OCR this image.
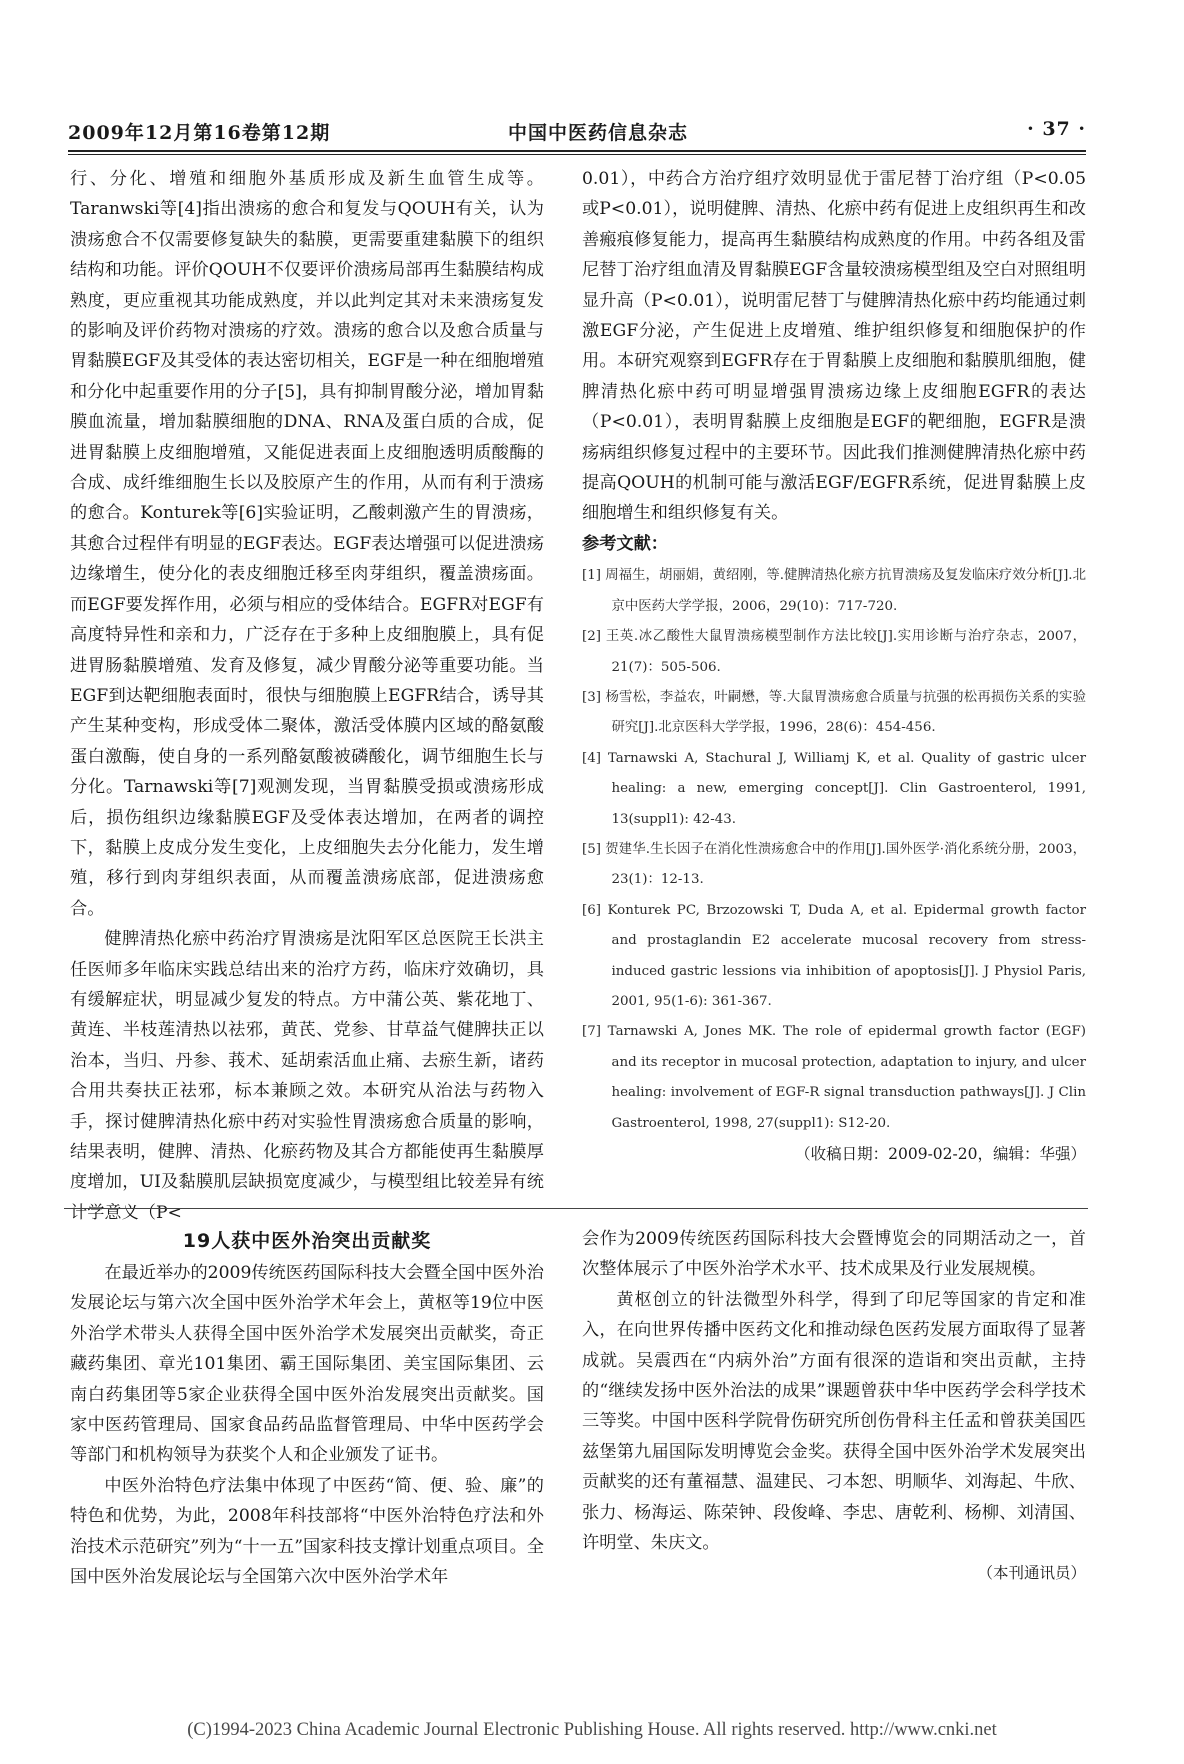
2009年12月第16卷第12期	中国中医药信息杂志	· 37 ·

行、分化、增殖和细胞外基质形成及新生血管生成等。Taranwski等[4]指出溃疡的愈合和复发与QOUH有关，认为溃疡愈合不仅需要修复缺失的黏膜，更需要重建黏膜下的组织结构和功能。评价QOUH不仅要评价溃疡局部再生黏膜结构成熟度，更应重视其功能成熟度，并以此判定其对未来溃疡复发的影响及评价药物对溃疡的疗效。溃疡的愈合以及愈合质量与胃黏膜EGF及其受体的表达密切相关，EGF是一种在细胞增殖和分化中起重要作用的分子[5]，具有抑制胃酸分泌，增加胃黏膜血流量，增加黏膜细胞的DNA、RNA及蛋白质的合成，促进胃黏膜上皮细胞增殖，又能促进表面上皮细胞透明质酸酶的合成、成纤维细胞生长以及胶原产生的作用，从而有利于溃疡的愈合。Konturek等[6]实验证明，乙酸刺激产生的胃溃疡，其愈合过程伴有明显的EGF表达。EGF表达增强可以促进溃疡边缘增生，使分化的表皮细胞迁移至肉芽组织，覆盖溃疡面。而EGF要发挥作用，必须与相应的受体结合。EGFR对EGF有高度特异性和亲和力，广泛存在于多种上皮细胞膜上，具有促进胃肠黏膜增殖、发育及修复，减少胃酸分泌等重要功能。当EGF到达靶细胞表面时，很快与细胞膜上EGFR结合，诱导其产生某种变构，形成受体二聚体，激活受体膜内区域的酪氨酸蛋白激酶，使自身的一系列酪氨酸被磷酸化，调节细胞生长与分化。Tarnawski等[7]观测发现，当胃黏膜受损或溃疡形成后，损伤组织边缘黏膜EGF及受体表达增加，在两者的调控下，黏膜上皮成分发生变化，上皮细胞失去分化能力，发生增殖，移行到肉芽组织表面，从而覆盖溃疡底部，促进溃疡愈合。

健脾清热化瘀中药治疗胃溃疡是沈阳军区总医院王长洪主任医师多年临床实践总结出来的治疗方药，临床疗效确切，具有缓解症状，明显减少复发的特点。方中蒲公英、紫花地丁、黄连、半枝莲清热以祛邪，黄芪、党参、甘草益气健脾扶正以治本，当归、丹参、莪术、延胡索活血止痛、去瘀生新，诸药合用共奏扶正祛邪，标本兼顾之效。本研究从治法与药物入手，探讨健脾清热化瘀中药对实验性胃溃疡愈合质量的影响，结果表明，健脾、清热、化瘀药物及其合方都能使再生黏膜厚度增加，UI及黏膜肌层缺损宽度减少，与模型组比较差异有统计学意义（P<

0.01），中药合方治疗组疗效明显优于雷尼替丁治疗组（P<0.05或P<0.01），说明健脾、清热、化瘀中药有促进上皮组织再生和改善瘢痕修复能力，提高再生黏膜结构成熟度的作用。中药各组及雷尼替丁治疗组血清及胃黏膜EGF含量较溃疡模型组及空白对照组明显升高（P<0.01），说明雷尼替丁与健脾清热化瘀中药均能通过刺激EGF分泌，产生促进上皮增殖、维护组织修复和细胞保护的作用。本研究观察到EGFR存在于胃黏膜上皮细胞和黏膜肌细胞，健脾清热化瘀中药可明显增强胃溃疡边缘上皮细胞EGFR的表达（P<0.01），表明胃黏膜上皮细胞是EGF的靶细胞，EGFR是溃疡病组织修复过程中的主要环节。因此我们推测健脾清热化瘀中药提高QOUH的机制可能与激活EGF/EGFR系统，促进胃黏膜上皮细胞增生和组织修复有关。

参考文献：

[1] 周福生，胡丽娟，黄绍刚，等.健脾清热化瘀方抗胃溃疡及复发临床疗效分析[J].北京中医药大学学报，2006，29(10)：717-720.
[2] 王英.冰乙酸性大鼠胃溃疡模型制作方法比较[J].实用诊断与治疗杂志，2007，21(7)：505-506.
[3] 杨雪松，李益农，叶嗣懋，等.大鼠胃溃疡愈合质量与抗强的松再损伤关系的实验研究[J].北京医科大学学报，1996，28(6)：454-456.
[4] Tarnawski A, Stachural J, Williamj K, et al. Quality of gastric ulcer healing: a new, emerging concept[J]. Clin Gastroenterol, 1991, 13(suppl1): 42-43.
[5] 贺建华.生长因子在消化性溃疡愈合中的作用[J].国外医学·消化系统分册，2003，23(1)：12-13.
[6] Konturek PC, Brzozowski T, Duda A, et al. Epidermal growth factor and prostaglandin E2 accelerate mucosal recovery from stress-induced gastric lessions via inhibition of apoptosis[J]. J Physiol Paris, 2001, 95(1-6): 361-367.
[7] Tarnawski A, Jones MK. The role of epidermal growth factor (EGF) and its receptor in mucosal protection, adaptation to injury, and ulcer healing: involvement of EGF-R signal transduction pathways[J]. J Clin Gastroenterol, 1998, 27(suppl1): S12-20.

（收稿日期：2009-02-20，编辑：华强）

19人获中医外治突出贡献奖

在最近举办的2009传统医药国际科技大会暨全国中医外治发展论坛与第六次全国中医外治学术年会上，黄枢等19位中医外治学术带头人获得全国中医外治学术发展突出贡献奖，奇正藏药集团、章光101集团、霸王国际集团、美宝国际集团、云南白药集团等5家企业获得全国中医外治发展突出贡献奖。国家中医药管理局、国家食品药品监督管理局、中华中医药学会等部门和机构领导为获奖个人和企业颁发了证书。

中医外治特色疗法集中体现了中医药“简、便、验、廉”的特色和优势，为此，2008年科技部将“中医外治特色疗法和外治技术示范研究”列为“十一五”国家科技支撑计划重点项目。全国中医外治发展论坛与全国第六次中医外治学术年

会作为2009传统医药国际科技大会暨博览会的同期活动之一，首次整体展示了中医外治学术水平、技术成果及行业发展规模。

黄枢创立的针法微型外科学，得到了印尼等国家的肯定和准入，在向世界传播中医药文化和推动绿色医药发展方面取得了显著成就。吴震西在“内病外治”方面有很深的造诣和突出贡献，主持的“继续发扬中医外治法的成果”课题曾获中华中医药学会科学技术三等奖。中国中医科学院骨伤研究所创伤骨科主任孟和曾获美国匹兹堡第九届国际发明博览会金奖。获得全国中医外治学术发展突出贡献奖的还有董福慧、温建民、刁本恕、明顺华、刘海起、牛欣、张力、杨海运、陈荣钟、段俊峰、李忠、唐乾利、杨柳、刘清国、许明堂、朱庆文。

（本刊通讯员）

(C)1994-2023 China Academic Journal Electronic Publishing House. All rights reserved. http://www.cnki.net
